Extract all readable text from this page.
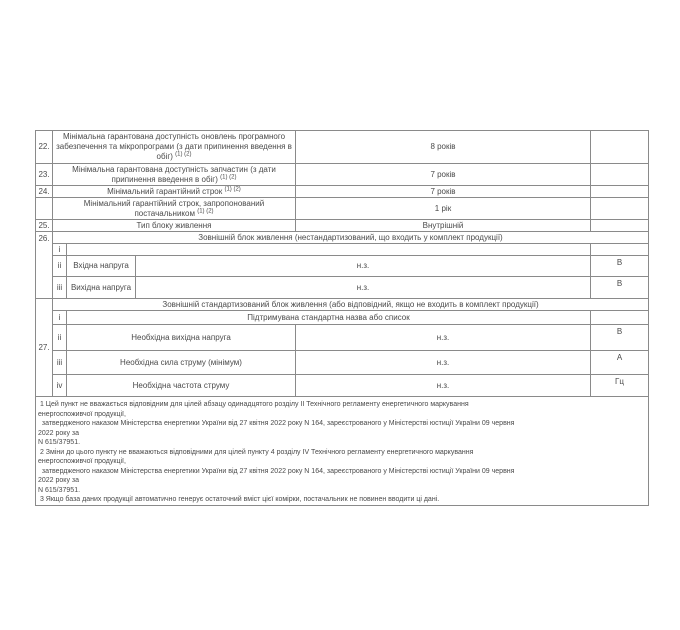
22.	Мінімальна гарантована доступність оновлень програмного забезпечення та мікропрограми (з дати припинення введення в обіг) $^{(1) (2)}$			8 років	
23.	Мінімальна гарантована доступність запчастин (з дати припинення введення в обіг) $^{(1) (2)}$			7 років	
24.	Мінімальний гарантійний строк $^{(1) (2)}$			7 років	
	Мінімальний гарантійний строк, запропонований постачальником $^{(1) (2)}$			1 рік	
25.	Тип блоку живлення			Внутрішній	
26.	Зовнішній блок живлення (нестандартизований, що входить у комплект продукції)				
	i				
	ii	Вхідна напруга	н.з.		В
	iii	Вихідна напруга	н.з.		В
27.	Зовнішній стандартизований блок живлення (або відповідний, якщо не входить в комплект продукції)				
	i	Підтримувана стандартна назва або список			
	ii	Необхідна вихідна напруга		н.з.	В
	iii	Необхідна сила струму (мінімум)		н.з.	А
	iv	Необхідна частота струму		н.з.	Гц

1 Цей пункт не вважається відповідним для цілей абзацу одинадцятого розділу II Технічного регламенту енергетичного маркування
енергоспоживчої продукції,
затвердженого наказом Міністерства енергетики України від 27 квітня 2022 року N 164, зареєстрованого у Міністерстві юстиції України 09 червня
2022 року за
N 615/37951.
2 Зміни до цього пункту не вважаються відповідними для цілей пункту 4 розділу IV Технічного регламенту енергетичного маркування
енергоспоживчої продукції,
затвердженого наказом Міністерства енергетики України від 27 квітня 2022 року N 164, зареєстрованого у Міністерстві юстиції України 09 червня
2022 року за
N 615/37951.
3 Якщо база даних продукції автоматично генерує остаточний вміст цієї комірки, постачальник не повинен вводити ці дані.
